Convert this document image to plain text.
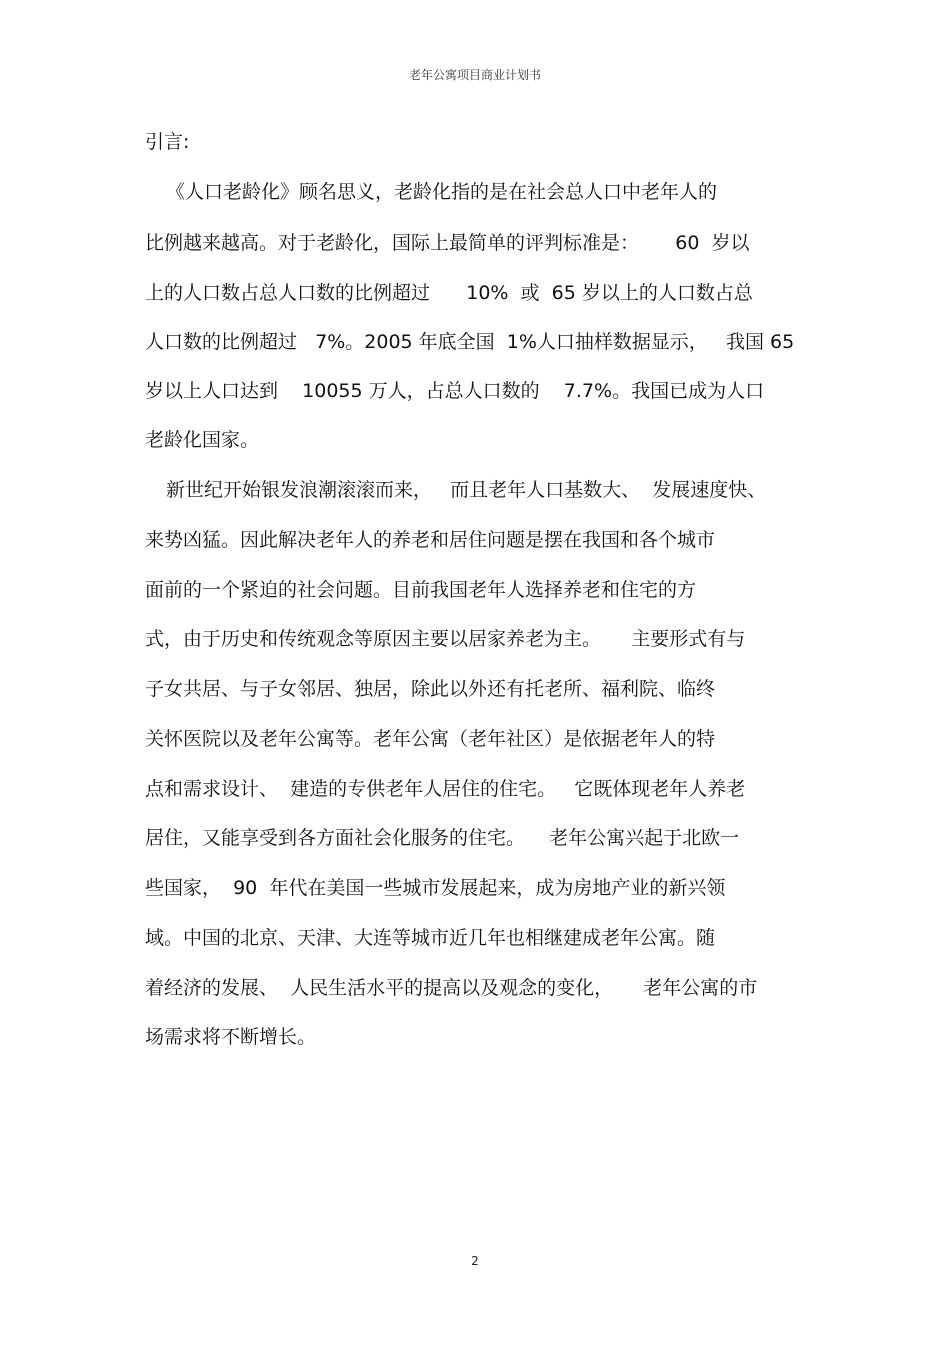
老年公寓项目商业计划书
引言:
《人口老龄化》顾名思义，老龄化指的是在社会总人口中老年人的
比例越来越高。对于老龄化，国际上最简单的评判标准是：      60  岁以
上的人口数占总人口数的比例超过      10%  或  65 岁以上的人口数占总
人口数的比例超过   7%。2005 年底全国  1%人口抽样数据显示，   我国 65
岁以上人口达到    10055 万人，占总人口数的    7.7%。我国已成为人口
老龄化国家。
新世纪开始银发浪潮滚滚而来，   而且老年人口基数大、  发展速度快、
来势凶猛。因此解决老年人的养老和居住问题是摆在我国和各个城市
面前的一个紧迫的社会问题。目前我国老年人选择养老和住宅的方
式，由于历史和传统观念等原因主要以居家养老为主。     主要形式有与
子女共居、与子女邻居、独居，除此以外还有托老所、福利院、临终
关怀医院以及老年公寓等。老年公寓（老年社区）是依据老年人的特
点和需求设计、  建造的专供老年人居住的住宅。   它既体现老年人养老
居住，又能享受到各方面社会化服务的住宅。    老年公寓兴起于北欧一
些国家，  90  年代在美国一些城市发展起来，成为房地产业的新兴领
域。中国的北京、天津、大连等城市近几年也相继建成老年公寓。随
着经济的发展、  人民生活水平的提高以及观念的变化，     老年公寓的市
场需求将不断增长。
2
